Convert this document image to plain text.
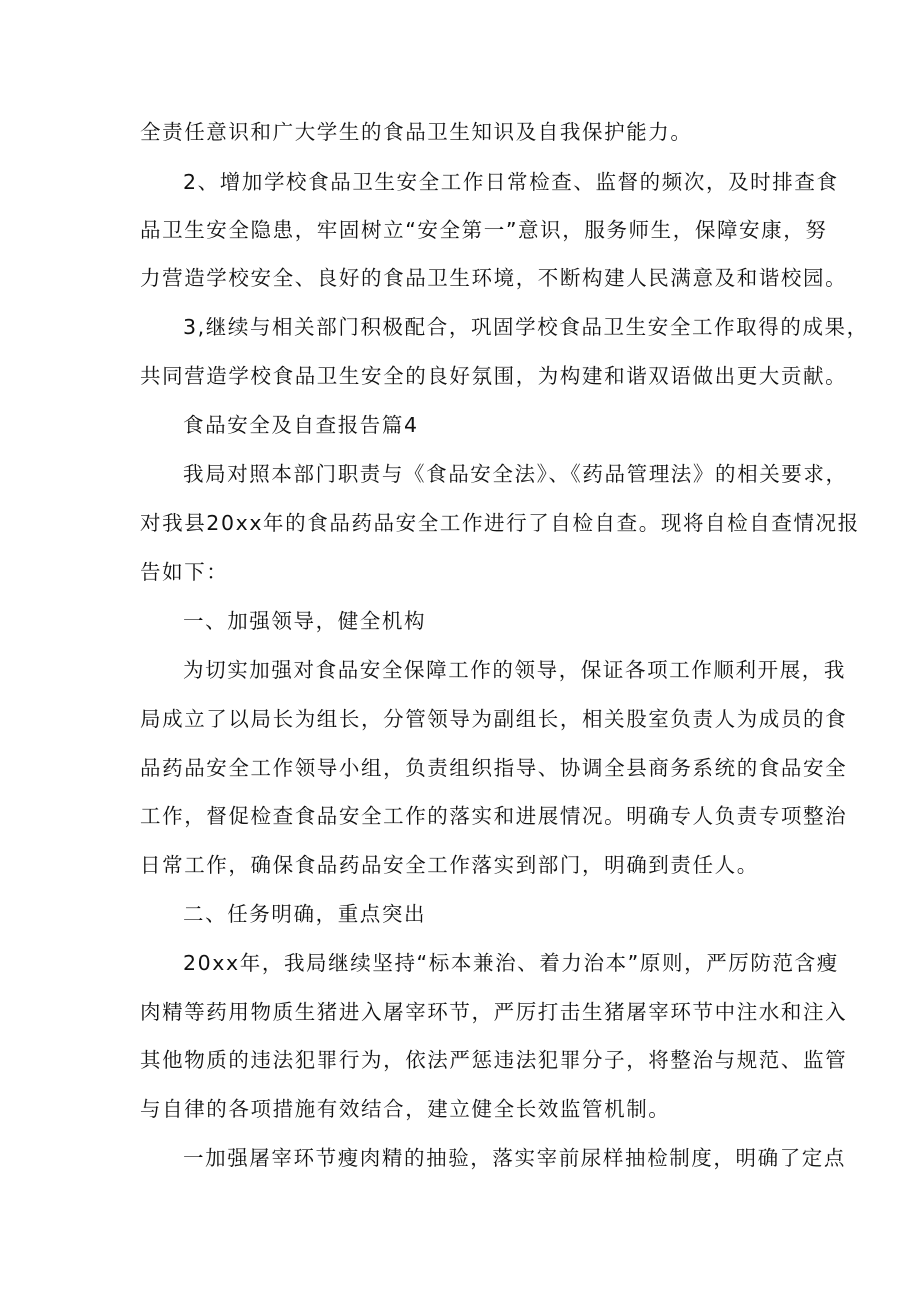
全责任意识和广大学生的食品卫生知识及自我保护能力。
2、增加学校食品卫生安全工作日常检查、监督的频次，及时排查食
品卫生安全隐患，牢固树立“安全第一”意识，服务师生，保障安康，努
力营造学校安全、良好的食品卫生环境，不断构建人民满意及和谐校园。
3,继续与相关部门积极配合，巩固学校食品卫生安全工作取得的成果，
共同营造学校食品卫生安全的良好氛围，为构建和谐双语做出更大贡献。
食品安全及自查报告篇4
我局对照本部门职责与《食品安全法》、《药品管理法》的相关要求，
对我县20xx年的食品药品安全工作进行了自检自查。现将自检自查情况报
告如下：
一、加强领导，健全机构
为切实加强对食品安全保障工作的领导，保证各项工作顺利开展，我
局成立了以局长为组长，分管领导为副组长，相关股室负责人为成员的食
品药品安全工作领导小组，负责组织指导、协调全县商务系统的食品安全
工作，督促检查食品安全工作的落实和进展情况。明确专人负责专项整治
日常工作，确保食品药品安全工作落实到部门，明确到责任人。
二、任务明确，重点突出
20xx年，我局继续坚持“标本兼治、着力治本”原则，严厉防范含瘦
肉精等药用物质生猪进入屠宰环节，严厉打击生猪屠宰环节中注水和注入
其他物质的违法犯罪行为，依法严惩违法犯罪分子，将整治与规范、监管
与自律的各项措施有效结合，建立健全长效监管机制。
一加强屠宰环节瘦肉精的抽验，落实宰前尿样抽检制度，明确了定点
